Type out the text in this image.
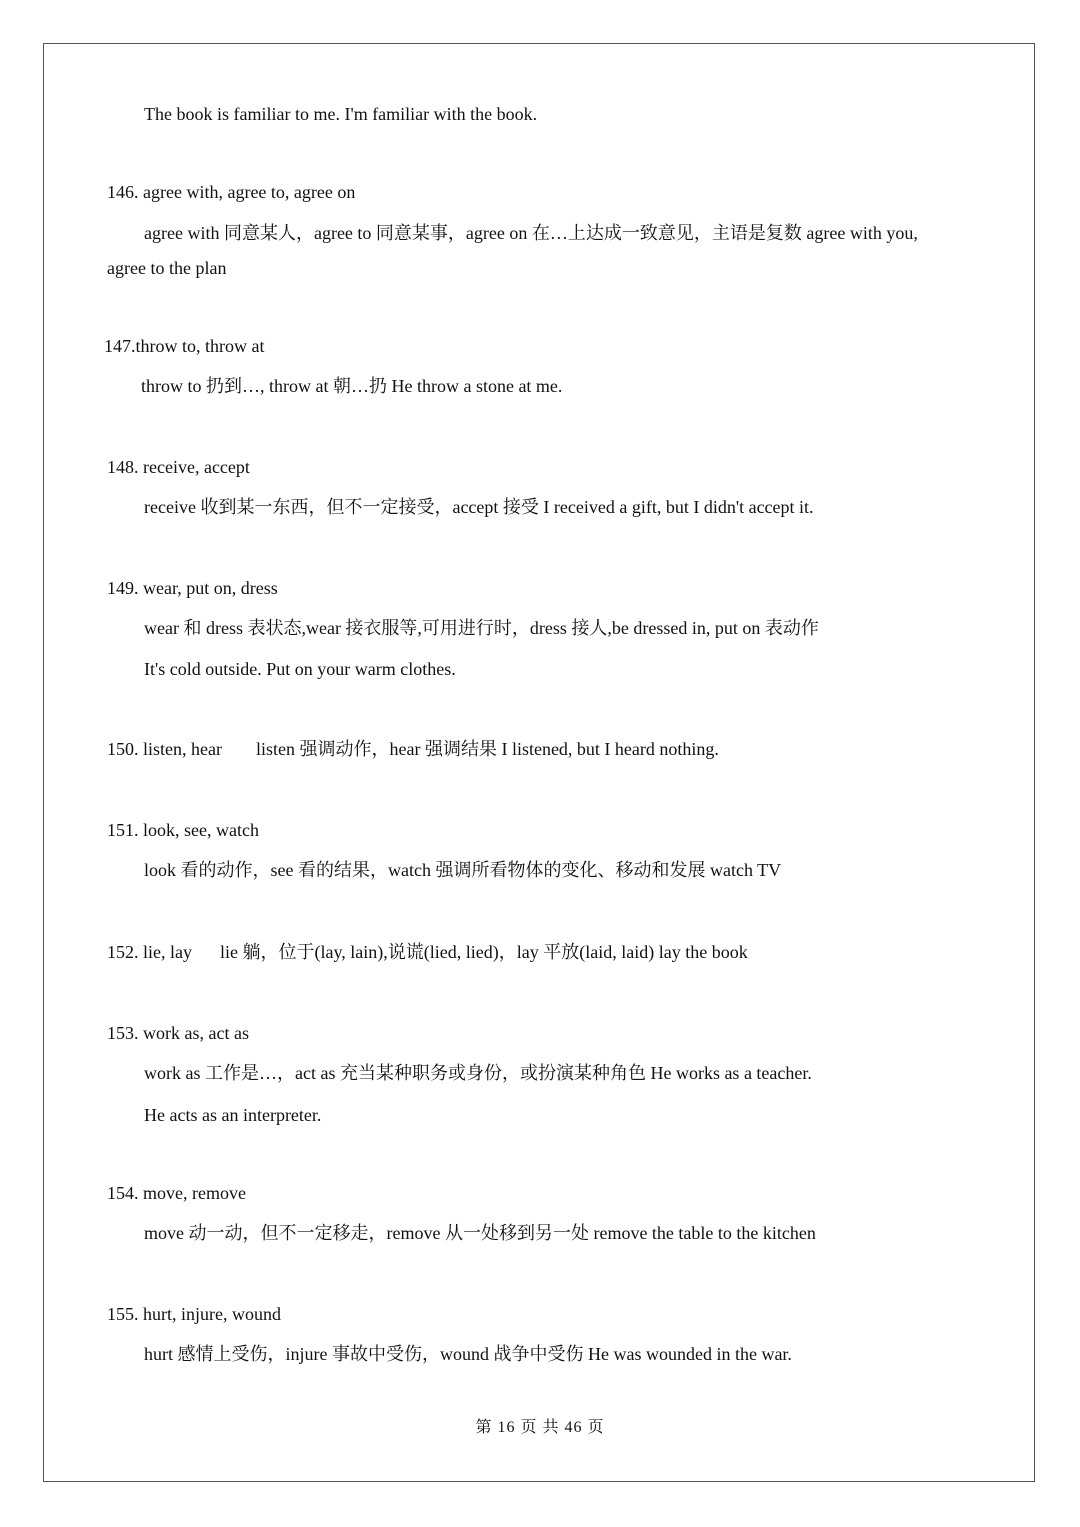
The book is familiar to me. I'm familiar with the book.
146. agree with, agree to, agree on
agree with 同意某人，agree to 同意某事，agree on 在…上达成一致意见，主语是复数 agree with you,
agree to the plan
147.throw to, throw at
throw to 扔到…, throw at 朝…扔 He throw a stone at me.
148. receive, accept
receive 收到某一东西，但不一定接受，accept 接受 I received a gift, but I didn't accept it.
149. wear, put on, dress
wear 和 dress 表状态,wear 接衣服等,可用进行时，dress 接人,be dressed in, put on 表动作
It's cold outside. Put on your warm clothes.
150. listen, hear listen 强调动作，hear 强调结果 I listened, but I heard nothing.
151. look, see, watch
look 看的动作，see 看的结果，watch 强调所看物体的变化、移动和发展 watch TV
152. lie, lay lie 躺，位于(lay, lain),说谎(lied, lied)，lay 平放(laid, laid) lay the book
153. work as, act as
work as 工作是…，act as 充当某种职务或身份，或扮演某种角色 He works as a teacher.
He acts as an interpreter.
154. move, remove
move 动一动，但不一定移走，remove 从一处移到另一处 remove the table to the kitchen
155. hurt, injure, wound
hurt 感情上受伤，injure 事故中受伤，wound 战争中受伤 He was wounded in the war.
第 16 页 共 46 页
